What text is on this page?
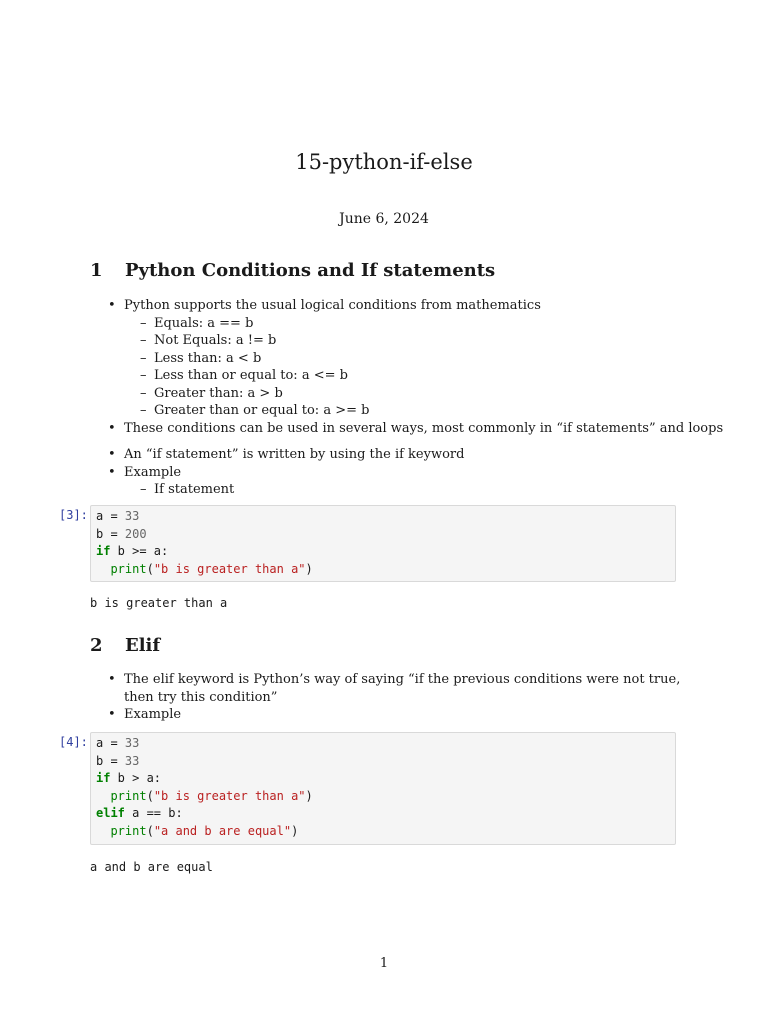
15-python-if-else
June 6, 2024
1 Python Conditions and If statements
• Python supports the usual logical conditions from mathematics
– Equals: a == b
– Not Equals: a != b
– Less than: a < b
– Less than or equal to: a <= b
– Greater than: a > b
– Greater than or equal to: a >= b
• These conditions can be used in several ways, most commonly in “if statements” and loops
• An “if statement” is written by using the if keyword
• Example
– If statement
[3]: a = 33
b = 200
if b >= a:
print("b is greater than a")
b is greater than a
2 Elif
• The elif keyword is Python’s way of saying “if the previous conditions were not true, then try this condition”
• Example
[4]: a = 33
b = 33
if b > a:
print("b is greater than a")
elif a == b:
print("a and b are equal")
a and b are equal
1
